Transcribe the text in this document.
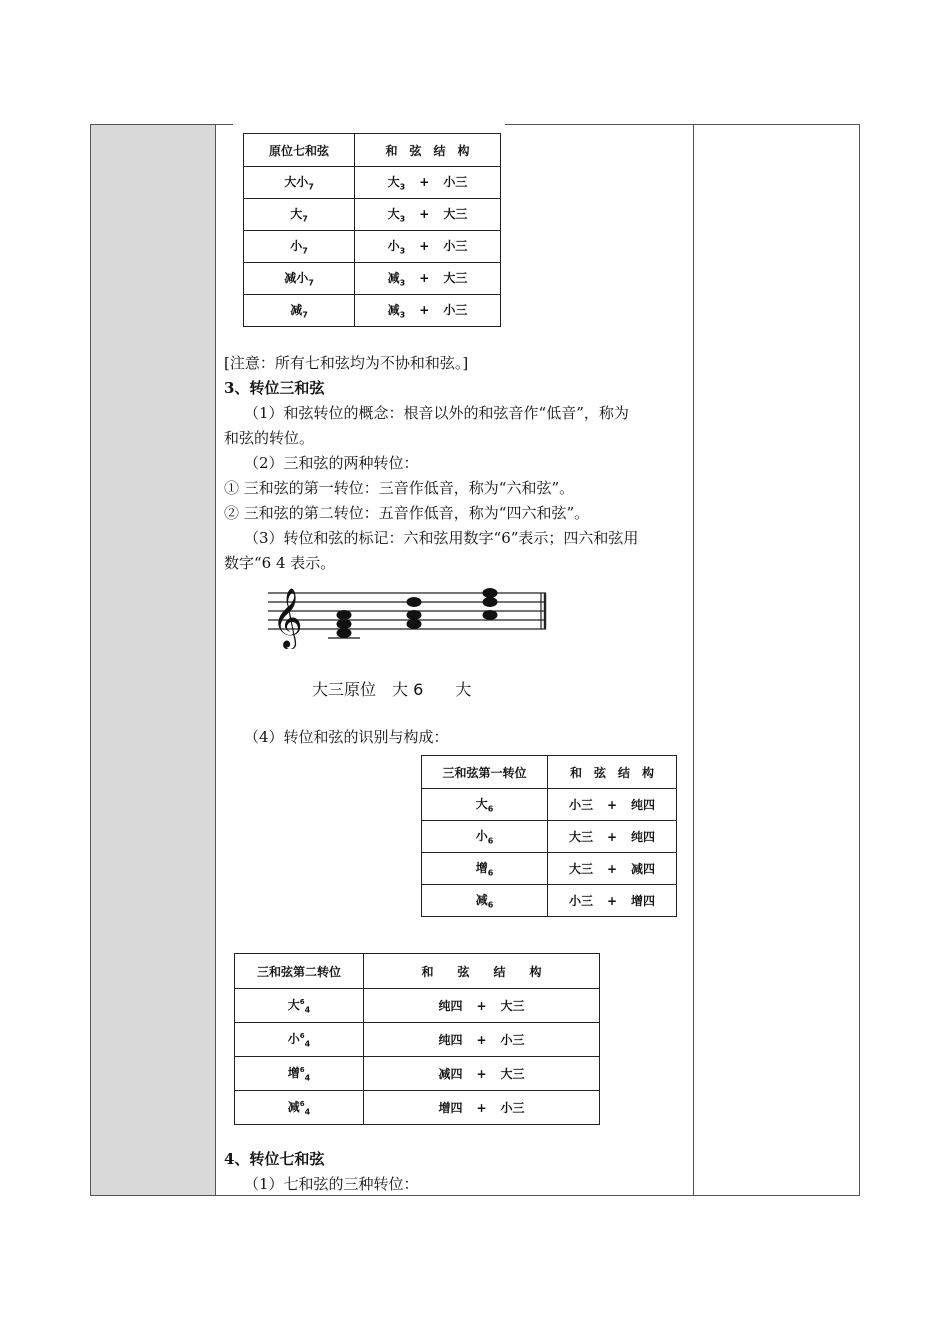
原位七和弦	和　弦　结　构
大小$_7$	大$_3$ + 小三
大$_7$	大$_3$ + 大三
小$_7$	小$_3$ + 小三
减小$_7$	减$_3$ + 大三
减$_7$	减$_3$ + 小三
[注意：所有七和弦均为不协和和弦。]
3、转位三和弦
（1）和弦转位的概念：根音以外的和弦音作“低音”，称为
和弦的转位。
（2）三和弦的两种转位：
① 三和弦的第一转位：三音作低音，称为“六和弦”。
② 三和弦的第二转位：五音作低音，称为“四六和弦”。
（3）转位和弦的标记：六和弦用数字“6”表示；四六和弦用
数字“6 4 表示。
𝄞
大三原位　大 6　　大
（4）转位和弦的识别与构成：
三和弦第一转位	和　弦　结　构
大$_6$	小三 + 纯四
小$_6$	大三 + 纯四
增$_6$	大三 + 减四
减$_6$	小三 + 增四
三和弦第二转位	和　　弦　　结　　构
大$^6_4$	纯四 + 大三
小$^6_4$	纯四 + 小三
增$^6_4$	减四 + 大三
减$^6_4$	增四 + 小三
4、转位七和弦
（1）七和弦的三种转位：
